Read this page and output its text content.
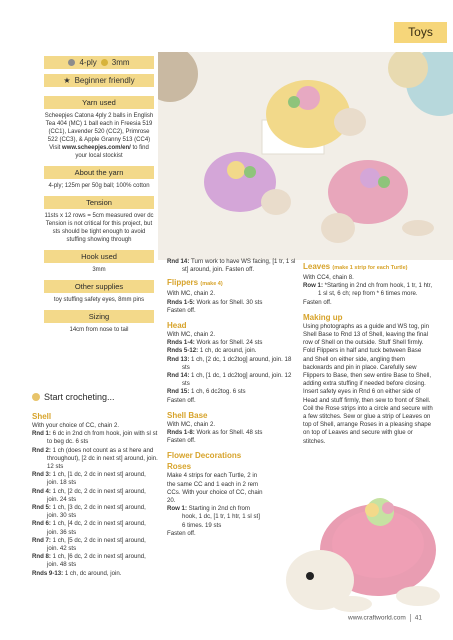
Toys
4-ply 3mm
★ Beginner friendly
Yarn used
Scheepjes Catona 4ply 2 balls in English Tea 404 (MC) 1 ball each in Freesia 519 (CC1), Lavender 520 (CC2), Primrose 522 (CC3), & Apple Granny 513 (CC4)
Visit www.scheepjes.com/en/ to find your local stockist
About the yarn
4-ply; 125m per 50g ball; 100% cotton
Tension
11sts x 12 rows = 5cm measured over dc Tension is not critical for this project, but sts should be tight enough to avoid stuffing showing through
Hook used
3mm
Other supplies
toy stuffing safety eyes, 8mm pins
Sizing
14cm from nose to tail
Start crocheting...
Shell

With your choice of CC, chain 2.

Rnd 1: 6 dc in 2nd ch from hook, join with sl st to beg dc. 6 sts

Rnd 2: 1 ch (does not count as a st here and throughout), [2 dc in next st] around, join. 12 sts

Rnd 3: 1 ch, [1 dc, 2 dc in next st] around, join. 18 sts

Rnd 4: 1 ch, [2 dc, 2 dc in next st] around, join. 24 sts

Rnd 5: 1 ch, [3 dc, 2 dc in next st] around, join. 30 sts

Rnd 6: 1 ch, [4 dc, 2 dc in next st] around, join. 36 sts

Rnd 7: 1 ch, [5 dc, 2 dc in next st] around, join. 42 sts

Rnd 8: 1 ch, [6 dc, 2 dc in next st] around, join. 48 sts

Rnds 9-13: 1 ch, dc around, join.

Rnd 14: Turn work to have WS facing, [1 tr, 1 sl st] around, join. Fasten off.

Flippers (make 4)

With MC, chain 2.

Rnds 1-5: Work as for Shell. 30 sts

Fasten off.

Head

With MC, chain 2.

Rnds 1-4: Work as for Shell. 24 sts

Rnds 5-12: 1 ch, dc around, join.

Rnd 13: 1 ch, [2 dc, 1 dc2tog] around, join. 18 sts

Rnd 14: 1 ch, [1 dc, 1 dc2tog] around, join. 12 sts

Rnd 15: 1 ch, 6 dc2tog. 6 sts

Fasten off.

Shell Base

With MC, chain 2.

Rnds 1-8: Work as for Shell. 48 sts

Fasten off.

Flower Decorations Roses

Make 4 strips for each Turtle, 2 in the same CC and 1 each in 2 rem CCs. With your choice of CC, chain 20.

Row 1: Starting in 2nd ch from hook, 1 dc, [1 tr, 1 htr, 1 sl st] 6 times. 19 sts

Fasten off.

Leaves (make 1 strip for each Turtle)

With CC4, chain 8.

Row 1: *Starting in 2nd ch from hook, 1 tr, 1 htr, 1 sl st, 6 ch; rep from * 6 times more.

Fasten off.

Making up

Using photographs as a guide and WS tog, pin Shell Base to Rnd 13 of Shell, leaving the final row of Shell on the outside. Stuff Shell firmly. Fold Flippers in half and tuck between Base and Shell on either side, angling them backwards and pin in place. Carefully sew Flippers to Base, then sew entire Base to Shell, adding extra stuffing if needed before closing. Insert safety eyes in Rnd 6 on either side of Head and stuff firmly, then sew to front of Shell. Coil the Rose strips into a circle and secure with a few stitches. Sew or glue a strip of Leaves on top of Shell, arrange Roses in a pleasing shape on top of Leaves and secure with glue or stitches.

www.craftworld.com 41
